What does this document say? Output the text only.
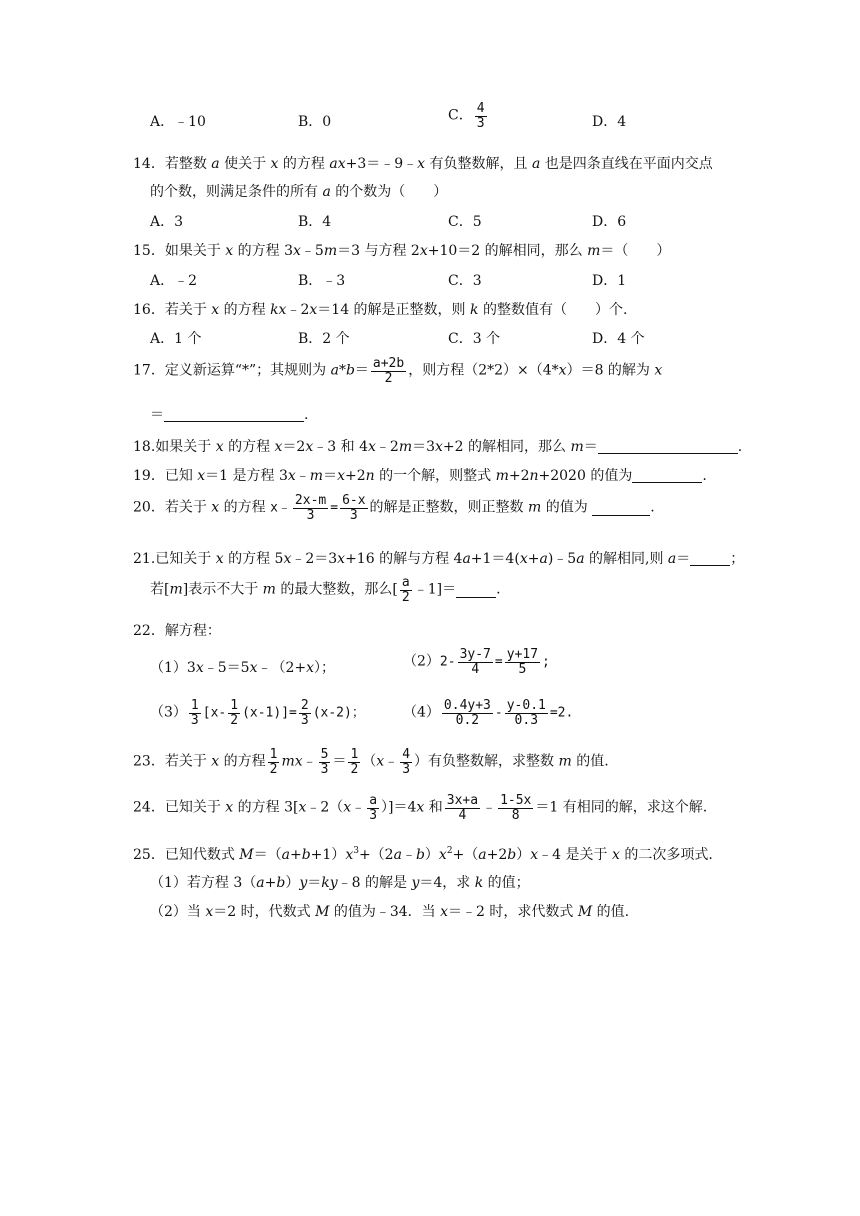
A．﹣10	B．0	C． $\frac{4}{3}$	D．4
14．若整数 a 使关于 x 的方程 ax+3＝﹣9﹣x 有负整数解，且 a 也是四条直线在平面内交点
的个数，则满足条件的所有 a 的个数为（　　）
A．3	B．4	C．5	D．6
15．如果关于 x 的方程 3x﹣5m＝3 与方程 2x+10＝2 的解相同，那么 m＝（　　）
A．﹣2	B．﹣3	C．3	D．1
16．若关于 x 的方程 kx﹣2x＝14 的解是正整数，则 k 的整数值有（　　）个.
A．1 个	B．2 个	C．3 个	D．4 个
17．定义新运算“*”；其规则为 $a*b= \frac{a+2b}{2}$ ，则方程（2*2）×（4*x）＝8 的解为 x
＝	.
18.如果关于 x 的方程 x＝2x﹣3 和 4x﹣2m＝3x+2 的解相同，那么 m＝	.
19．已知 x＝1 是方程 3x﹣m＝x+2n 的一个解，则整式 m+2n+2020 的值为	.
20．若关于 x 的方程 x﹣ $\frac{2x-m}{3} = \frac{6-x}{3}$ 的解是正整数，则正整数 m 的值为	.
21.已知关于 x 的方程 5x﹣2＝3x+16 的解与方程 4a+1＝4(x+a)﹣5a 的解相同,则 a＝	；
若[m]表示不大于 m 的最大整数，那么[ $\frac{a}{2}$ ﹣1]＝	.
22．解方程：
（1）3x﹣5＝5x﹣（2+x）；	$(2)2- \frac{3y-7}{4} = \frac{y+17}{5}$ ;
$(3) \frac{1}{3} [x- \frac{1}{2} (x-1)]= \frac{2}{3} (x-2)$；	$(4) \frac{0.4y+3}{0.2} - \frac{y-0.1}{0.3} =2$.
23．若关于 x 的方程 $\frac{1}{2}$ mx﹣ $\frac{5}{3} = \frac{1}{2}$ （x﹣ $\frac{4}{3}$ ）有负整数解，求整数 m 的值.
24．已知关于 x 的方程 3[x﹣2（x﹣ $\frac{a}{3} )]=4x$ 和 $\frac{3x+a}{4}$ ﹣ $\frac{1-5x}{8} =1$ 有相同的解，求这个解.
25．已知代数式 $M=(a+b+1)x^3+(2a﹣b)x^2+(a+2b)x﹣4$ 是关于 x 的二次多项式.
（1）若方程 3（a+b）y＝ky﹣8 的解是 y＝4，求 k 的值；
（2）当 x＝2 时，代数式 M 的值为﹣34．当 x＝﹣2 时，求代数式 M 的值.
